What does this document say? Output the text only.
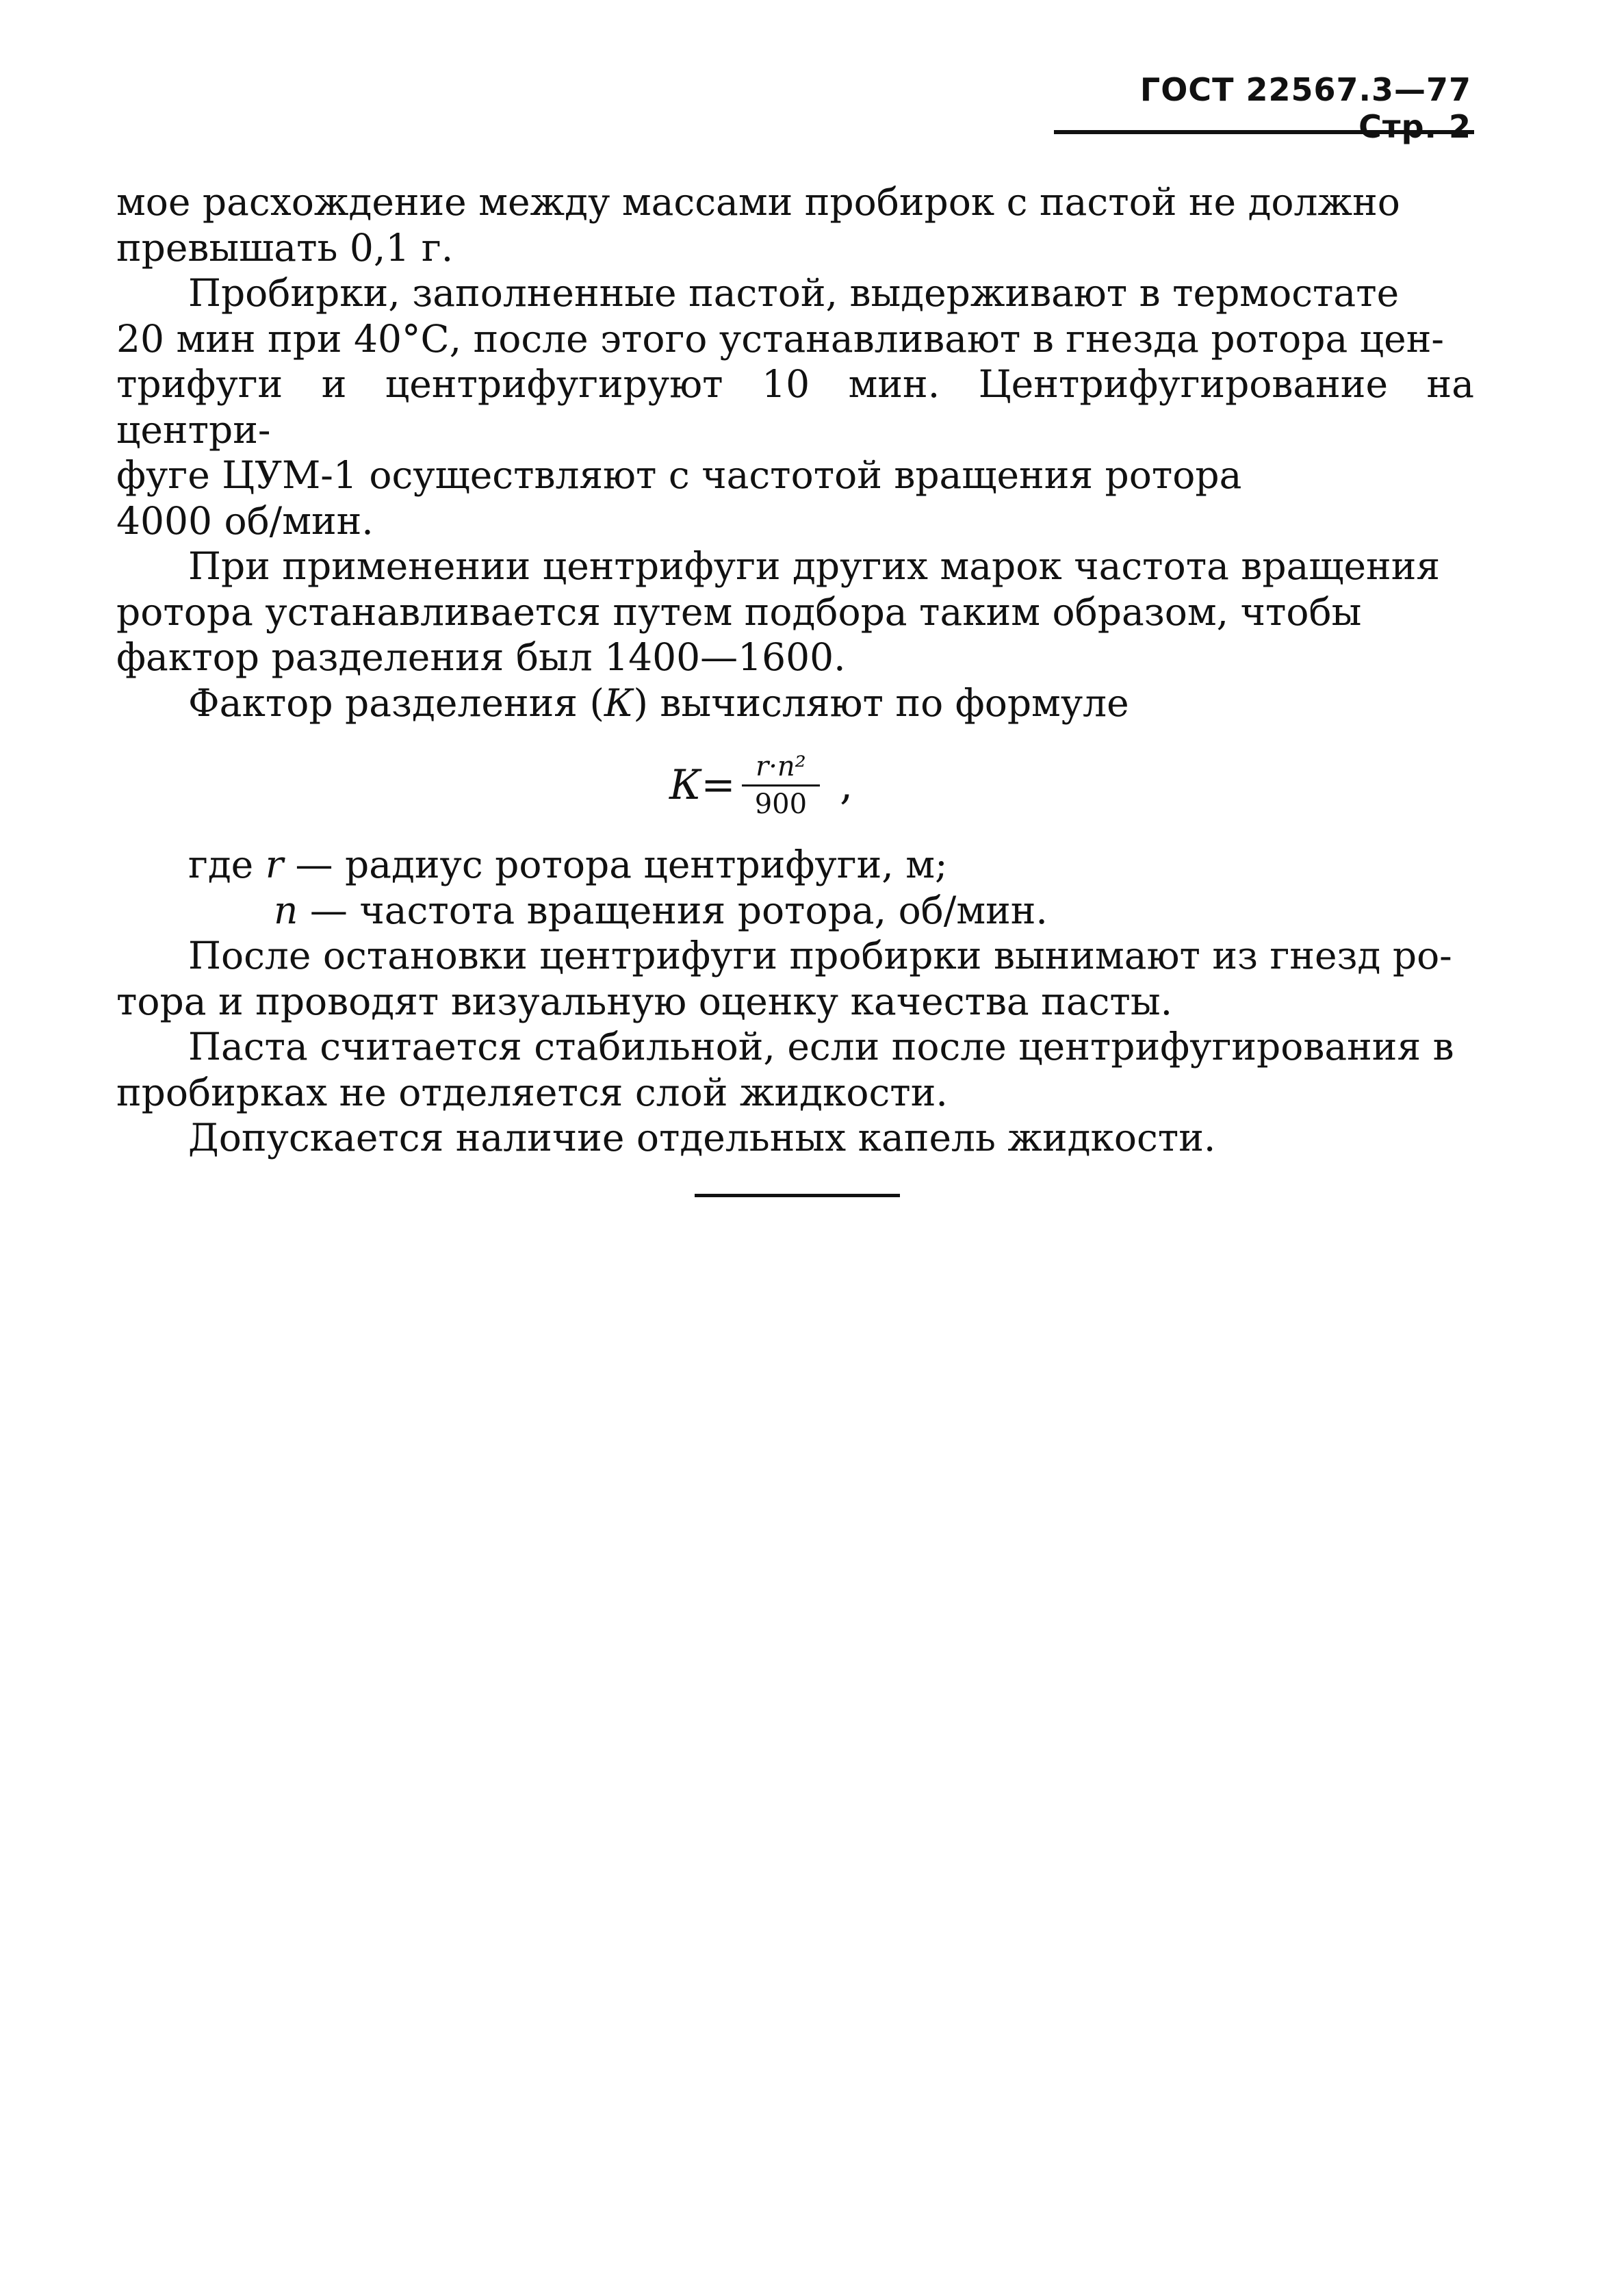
ГОСТ 22567.3—77 Стр. 2

мое расхождение между массами пробирок с пастой не должно

превышать 0,1 г.

Пробирки, заполненные пастой, выдерживают в термостате

20 мин при 40°С, после этого устанавливают в гнезда ротора цен-

трифуги и центрифугируют 10 мин. Центрифугирование на центри-

фуге ЦУМ-1 осуществляют с частотой вращения ротора

4000 об/мин.

При применении центрифуги других марок частота вращения

ротора устанавливается путем подбора таким образом, чтобы

фактор разделения был 1400—1600.

Фактор разделения (К) вычисляют по формуле

$К= \frac{\text{r·n²}}{900}$ ,

где r — радиус ротора центрифуги, м;

n — частота вращения ротора, об/мин.

После остановки центрифуги пробирки вынимают из гнезд ро-

тора и проводят визуальную оценку качества пасты.

Паста считается стабильной, если после центрифугирования в

пробирках не отделяется слой жидкости.

Допускается наличие отдельных капель жидкости.
